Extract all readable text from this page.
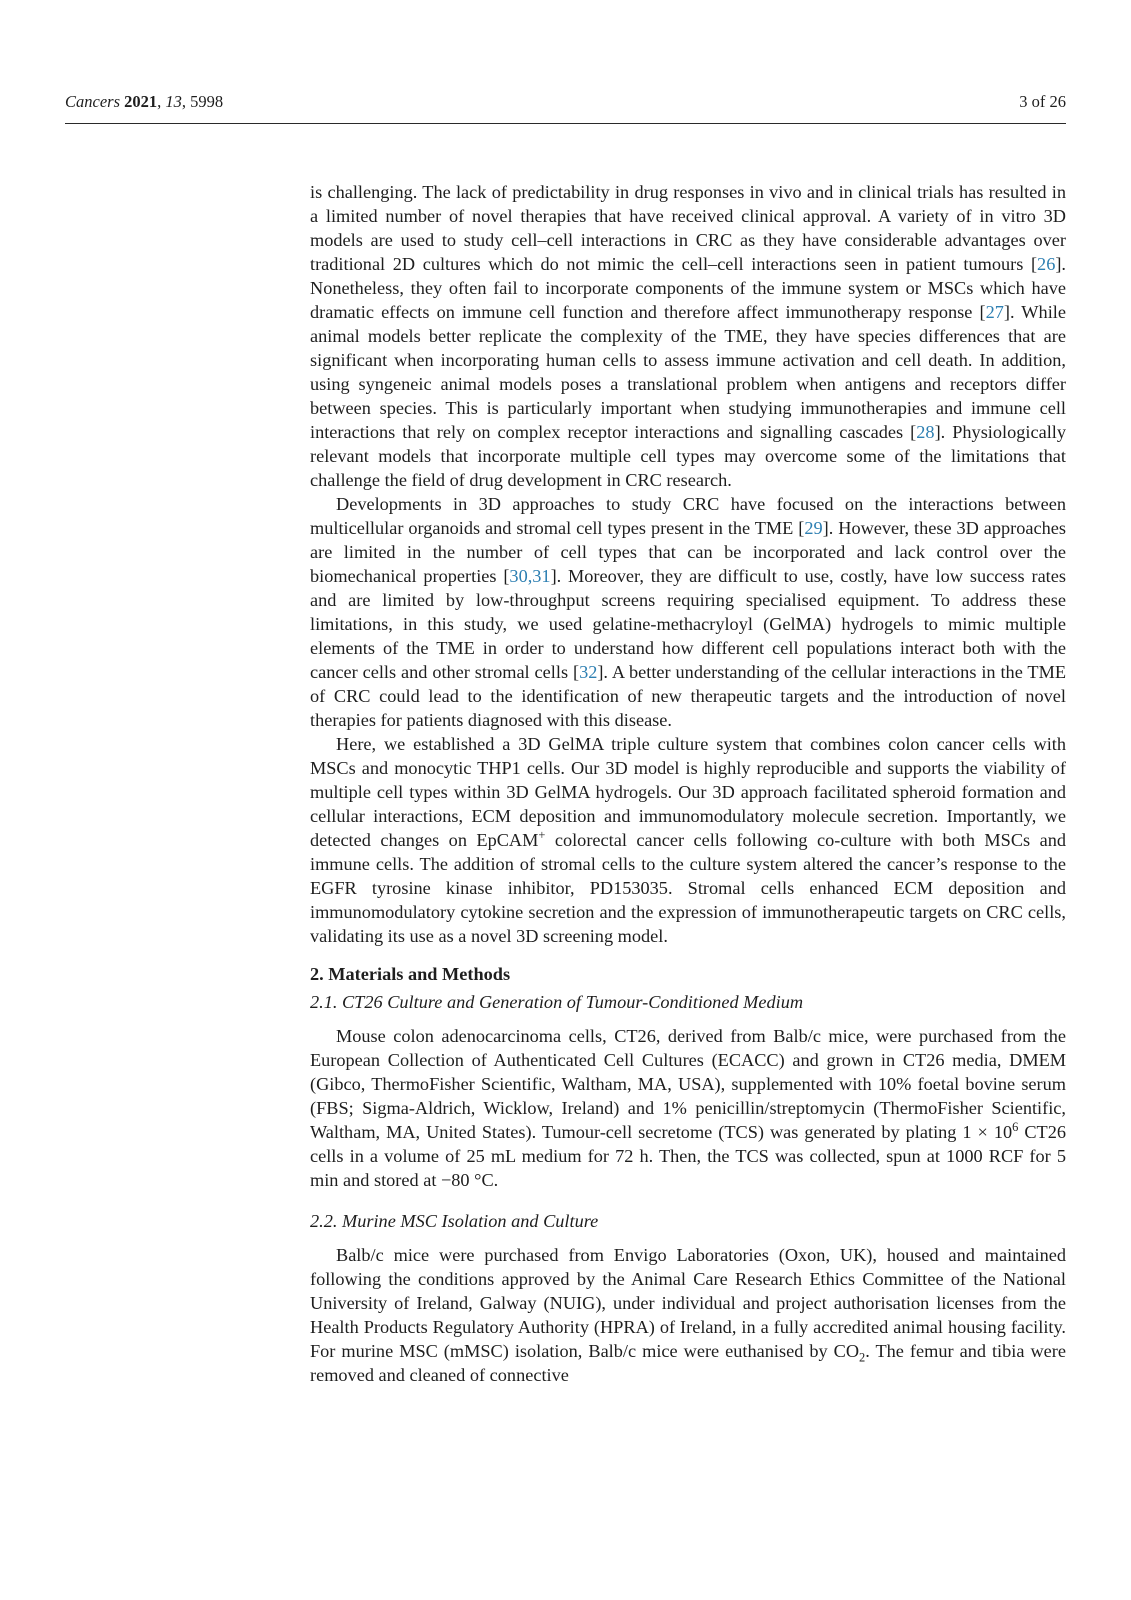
Cancers 2021, 13, 5998	3 of 26

is challenging. The lack of predictability in drug responses in vivo and in clinical trials has resulted in a limited number of novel therapies that have received clinical approval. A variety of in vitro 3D models are used to study cell–cell interactions in CRC as they have considerable advantages over traditional 2D cultures which do not mimic the cell–cell interactions seen in patient tumours [26]. Nonetheless, they often fail to incorporate components of the immune system or MSCs which have dramatic effects on immune cell function and therefore affect immunotherapy response [27]. While animal models better replicate the complexity of the TME, they have species differences that are significant when incorporating human cells to assess immune activation and cell death. In addition, using syngeneic animal models poses a translational problem when antigens and receptors differ between species. This is particularly important when studying immunotherapies and immune cell interactions that rely on complex receptor interactions and signalling cascades [28]. Physiologically relevant models that incorporate multiple cell types may overcome some of the limitations that challenge the field of drug development in CRC research.

Developments in 3D approaches to study CRC have focused on the interactions between multicellular organoids and stromal cell types present in the TME [29]. However, these 3D approaches are limited in the number of cell types that can be incorporated and lack control over the biomechanical properties [30,31]. Moreover, they are difficult to use, costly, have low success rates and are limited by low-throughput screens requiring specialised equipment. To address these limitations, in this study, we used gelatine-methacryloyl (GelMA) hydrogels to mimic multiple elements of the TME in order to understand how different cell populations interact both with the cancer cells and other stromal cells [32]. A better understanding of the cellular interactions in the TME of CRC could lead to the identification of new therapeutic targets and the introduction of novel therapies for patients diagnosed with this disease.

Here, we established a 3D GelMA triple culture system that combines colon cancer cells with MSCs and monocytic THP1 cells. Our 3D model is highly reproducible and supports the viability of multiple cell types within 3D GelMA hydrogels. Our 3D approach facilitated spheroid formation and cellular interactions, ECM deposition and immunomodulatory molecule secretion. Importantly, we detected changes on EpCAM+ colorectal cancer cells following co-culture with both MSCs and immune cells. The addition of stromal cells to the culture system altered the cancer’s response to the EGFR tyrosine kinase inhibitor, PD153035. Stromal cells enhanced ECM deposition and immunomodulatory cytokine secretion and the expression of immunotherapeutic targets on CRC cells, validating its use as a novel 3D screening model.

2. Materials and Methods
2.1. CT26 Culture and Generation of Tumour-Conditioned Medium

Mouse colon adenocarcinoma cells, CT26, derived from Balb/c mice, were purchased from the European Collection of Authenticated Cell Cultures (ECACC) and grown in CT26 media, DMEM (Gibco, ThermoFisher Scientific, Waltham, MA, USA), supplemented with 10% foetal bovine serum (FBS; Sigma-Aldrich, Wicklow, Ireland) and 1% penicillin/streptomycin (ThermoFisher Scientific, Waltham, MA, United States). Tumour-cell secretome (TCS) was generated by plating $1 \times 10^6$ CT26 cells in a volume of 25 mL medium for 72 h. Then, the TCS was collected, spun at 1000 RCF for 5 min and stored at −80 °C.

2.2. Murine MSC Isolation and Culture

Balb/c mice were purchased from Envigo Laboratories (Oxon, UK), housed and maintained following the conditions approved by the Animal Care Research Ethics Committee of the National University of Ireland, Galway (NUIG), under individual and project authorisation licenses from the Health Products Regulatory Authority (HPRA) of Ireland, in a fully accredited animal housing facility. For murine MSC (mMSC) isolation, Balb/c mice were euthanised by $CO_2$. The femur and tibia were removed and cleaned of connective
